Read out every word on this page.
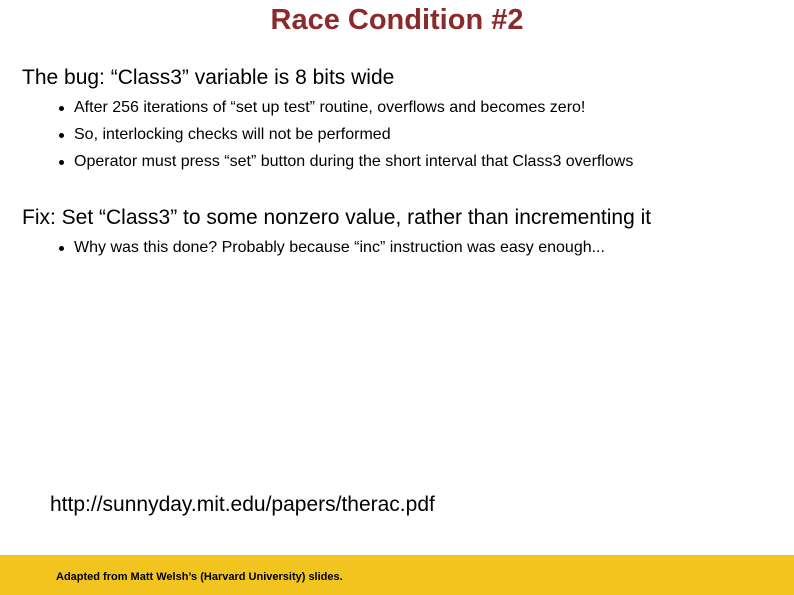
Race Condition #2
The bug: “Class3” variable is 8 bits wide
After 256 iterations of “set up test” routine, overflows and becomes zero!
So, interlocking checks will not be performed
Operator must press “set” button during the short interval that Class3 overflows
Fix: Set “Class3” to some nonzero value, rather than incrementing it
Why was this done? Probably because “inc” instruction was easy enough...
http://sunnyday.mit.edu/papers/therac.pdf
Adapted from Matt Welsh’s (Harvard University) slides.
